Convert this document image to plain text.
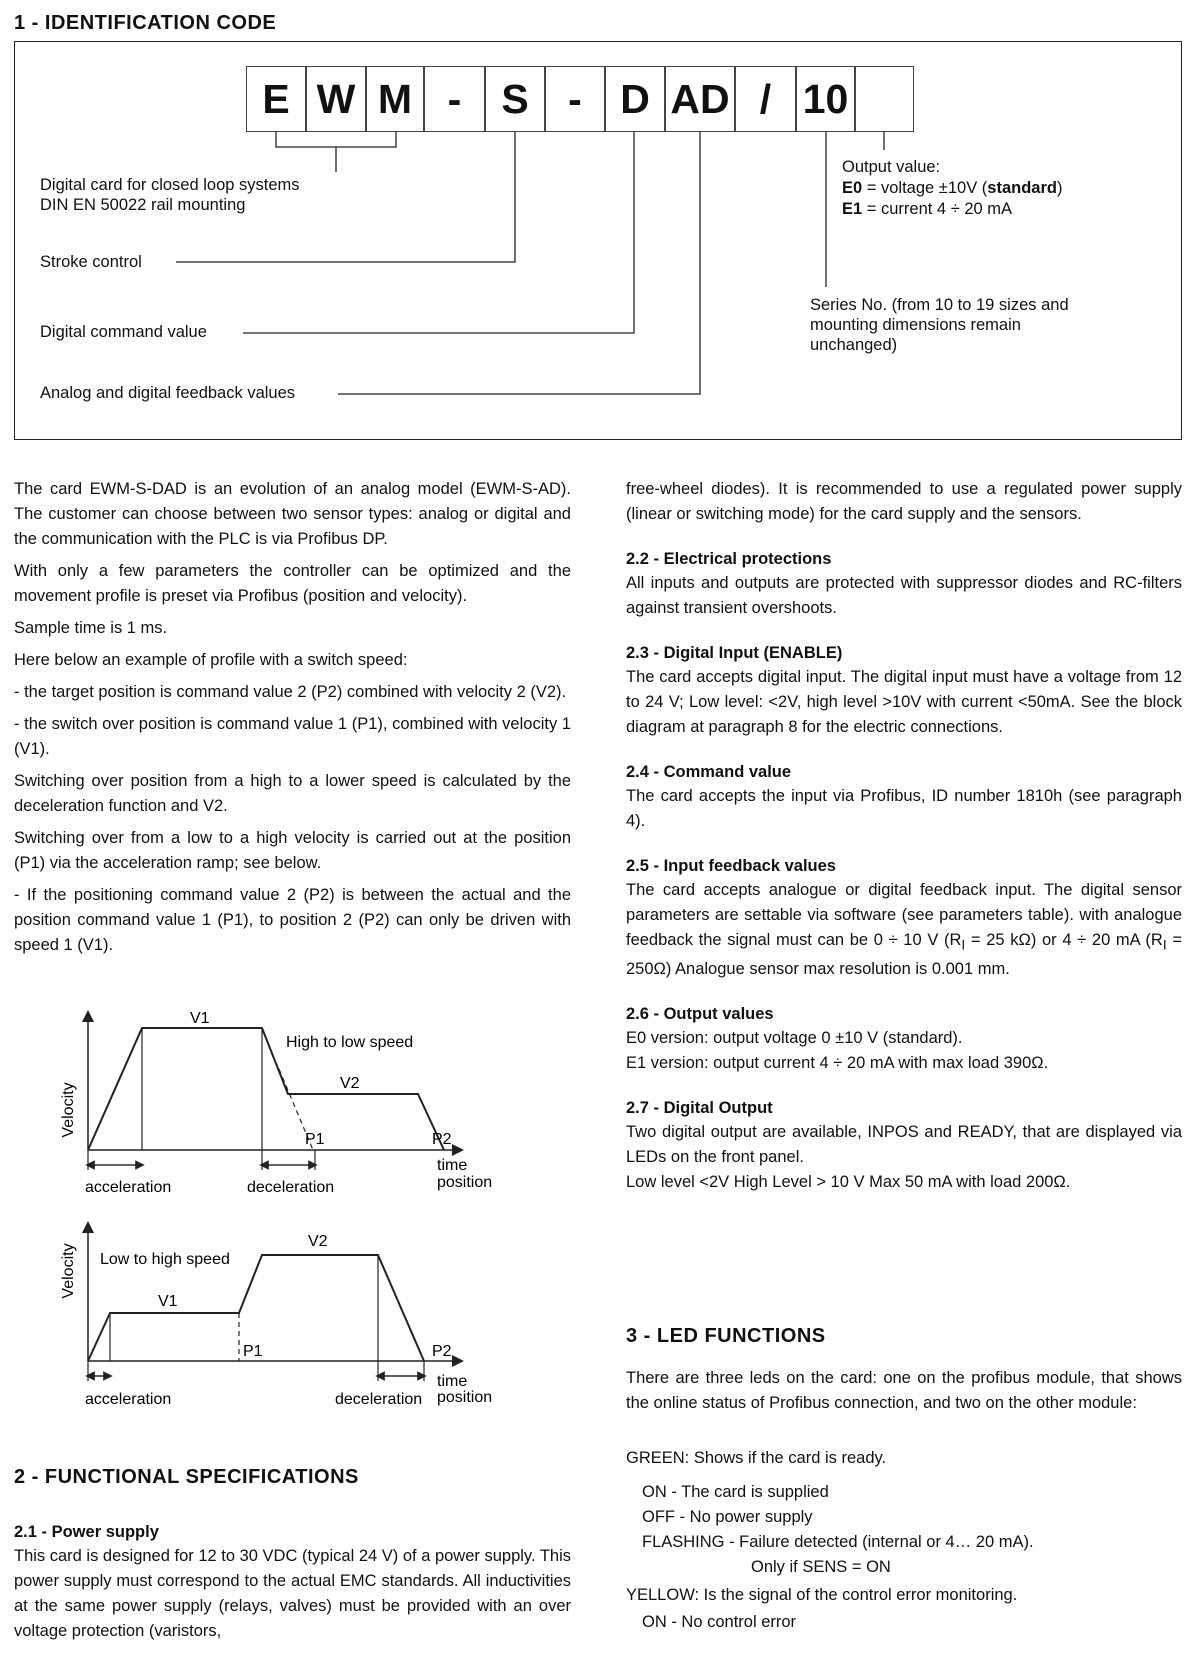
1 - IDENTIFICATION CODE
E W M - S - D AD / 10
Digital card for closed loop systems
DIN EN 50022 rail mounting
Stroke control
Digital command value
Analog and digital feedback values
Output value:
E0 = voltage ±10V (standard)
E1 = current 4 ÷ 20 mA
Series No. (from 10 to 19 sizes and
mounting dimensions remain
unchanged)

The card EWM-S-DAD is an evolution of an analog model (EWM-S-AD). The customer can choose between two sensor types: analog or digital and the communication with the PLC is via Profibus DP.

With only a few parameters the controller can be optimized and the movement profile is preset via Profibus (position and velocity).

Sample time is 1 ms.

Here below an example of profile with a switch speed:

- the target position is command value 2 (P2) combined with velocity 2 (V2).

- the switch over position is command value 1 (P1), combined with velocity 1 (V1).

Switching over position from a high to a lower speed is calculated by the deceleration function and V2.

Switching over from a low to a high velocity is carried out at the position (P1) via the acceleration ramp; see below.

- If the positioning command value 2 (P2) is between the actual and the position command value 1 (P1), to position 2 (P2) can only be driven with speed 1 (V1).

Velocity
V1
High to low speed
V2
P1	P2
acceleration	deceleration
time
position
Velocity Low to high speed
V1
V2
P1	P2
acceleration	deceleration
time
position
2 - FUNCTIONAL SPECIFICATIONS
2.1 - Power supply
This card is designed for 12 to 30 VDC (typical 24 V) of a power supply. This power supply must correspond to the actual EMC standards. All inductivities at the same power supply (relays, valves) must be provided with an over voltage protection (varistors,

free-wheel diodes). It is recommended to use a regulated power supply (linear or switching mode) for the card supply and the sensors.

2.2 - Electrical protections

All inputs and outputs are protected with suppressor diodes and RC-filters against transient overshoots.

2.3 - Digital Input (ENABLE)

The card accepts digital input. The digital input must have a voltage from 12 to 24 V; Low level: <2V, high level >10V with current <50mA. See the block diagram at paragraph 8 for the electric connections.

2.4 - Command value

The card accepts the input via Profibus, ID number 1810h (see paragraph 4).

2.5 - Input feedback values

The card accepts analogue or digital feedback input. The digital sensor parameters are settable via software (see parameters table). with analogue feedback the signal must can be 0 ÷ 10 V ($R_I = 25$ kΩ) or 4 ÷ 20 mA $(R_I = 250\Omega)$ Analogue sensor max resolution is 0.001 mm.

2.6 - Output values

E0 version: output voltage 0 ±10 V (standard).

E1 version: output current 4 ÷ 20 mA with max load 390Ω.

2.7 - Digital Output

Two digital output are available, INPOS and READY, that are displayed via LEDs on the front panel.

Low level <2V High Level > 10 V Max 50 mA with load 200Ω.

3 - LED FUNCTIONS
There are three leds on the card: one on the profibus module, that shows the online status of Profibus connection, and two on the other module:
GREEN: Shows if the card is ready.
ON - The card is supplied
OFF - No power supply
FLASHING - Failure detected (internal or 4… 20 mA).
Only if SENS = ON
YELLOW: Is the signal of the control error monitoring.
ON - No control error
